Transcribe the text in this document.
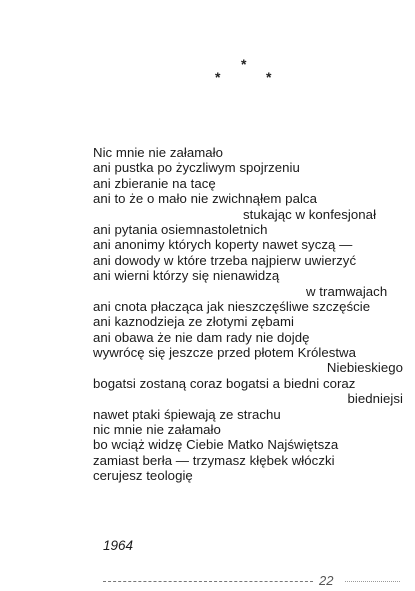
*
*	*
Nic mnie nie załamało
ani pustka po życzliwym spojrzeniu
ani zbieranie na tacę
ani to że o mało nie zwichnąłem palca
stukając w konfesjonał
ani pytania osiemnastoletnich
ani anonimy których koperty nawet syczą —
ani dowody w które trzeba najpierw uwierzyć
ani wierni którzy się nienawidzą
w tramwajach
ani cnota płacząca jak nieszczęśliwe szczęście
ani kaznodzieja ze złotymi zębami
ani obawa że nie dam rady nie dojdę
wywrócę się jeszcze przed płotem Królestwa
Niebieskiego
bogatsi zostaną coraz bogatsi a biedni coraz
biedniejsi
nawet ptaki śpiewają ze strachu
nic mnie nie załamało
bo wciąż widzę Ciebie Matko Najświętsza
zamiast berła — trzymasz kłębek włóczki
cerujesz teologię
1964
22
